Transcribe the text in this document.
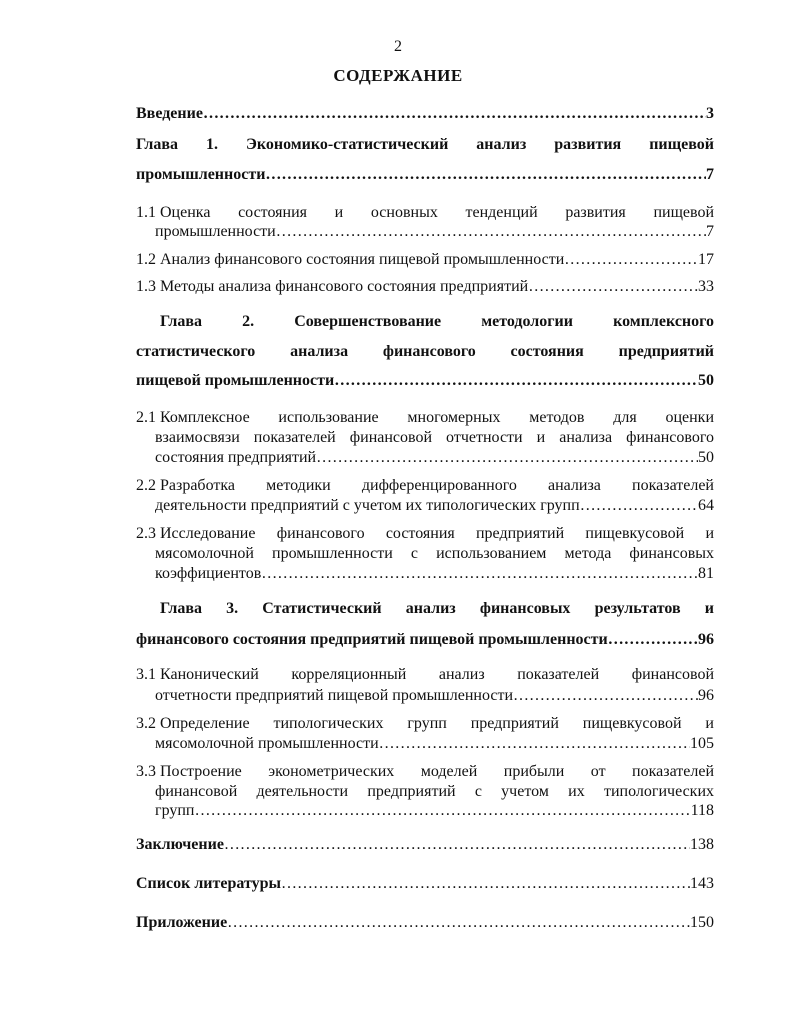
2
СОДЕРЖАНИЕ
Введение …………………………………………………………………………………………………………………………………………………………………………………	3
Глава 1. Экономико-статистический анализ развития пищевой
промышленности …………………………………………………………………………………………………………………………………………………………………………………	7
1.1 Оценка состояния и основных тенденций развития пищевой
промышленности …………………………………………………………………………………………………………………………………………………………………………………	7
1.2 Анализ финансового состояния пищевой промышленности …………………………………………………………………………………………………………………………………………………………………………………	17
1.3 Методы анализа финансового состояния предприятий …………………………………………………………………………………………………………………………………………………………………………………	33
Глава 2. Совершенствование методологии комплексного
статистического анализа финансового состояния предприятий
пищевой промышленности …………………………………………………………………………………………………………………………………………………………………………………	50
2.1 Комплексное использование многомерных методов для оценки
взаимосвязи показателей финансовой отчетности и анализа финансового
состояния предприятий …………………………………………………………………………………………………………………………………………………………………………………	50
2.2 Разработка методики дифференцированного анализа показателей
деятельности предприятий с учетом их типологических групп …………………………………………………………………………………………………………………………………………………………………………………	64
2.3 Исследование финансового состояния предприятий пищевкусовой и
мясомолочной промышленности с использованием метода финансовых
коэффициентов …………………………………………………………………………………………………………………………………………………………………………………	81
Глава 3. Статистический анализ финансовых результатов и
финансового состояния предприятий пищевой промышленности …………………………………………………………………………………………………………………………………………………………………………………	96
3.1 Канонический корреляционный анализ показателей финансовой
отчетности предприятий пищевой промышленности …………………………………………………………………………………………………………………………………………………………………………………	96
3.2 Определение типологических групп предприятий пищевкусовой и
мясомолочной промышленности …………………………………………………………………………………………………………………………………………………………………………………	105
3.3 Построение эконометрических моделей прибыли от показателей
финансовой деятельности предприятий с учетом их типологических
групп …………………………………………………………………………………………………………………………………………………………………………………	118
Заключение …………………………………………………………………………………………………………………………………………………………………………………	138
Список литературы …………………………………………………………………………………………………………………………………………………………………………………	143
Приложение …………………………………………………………………………………………………………………………………………………………………………………	150
